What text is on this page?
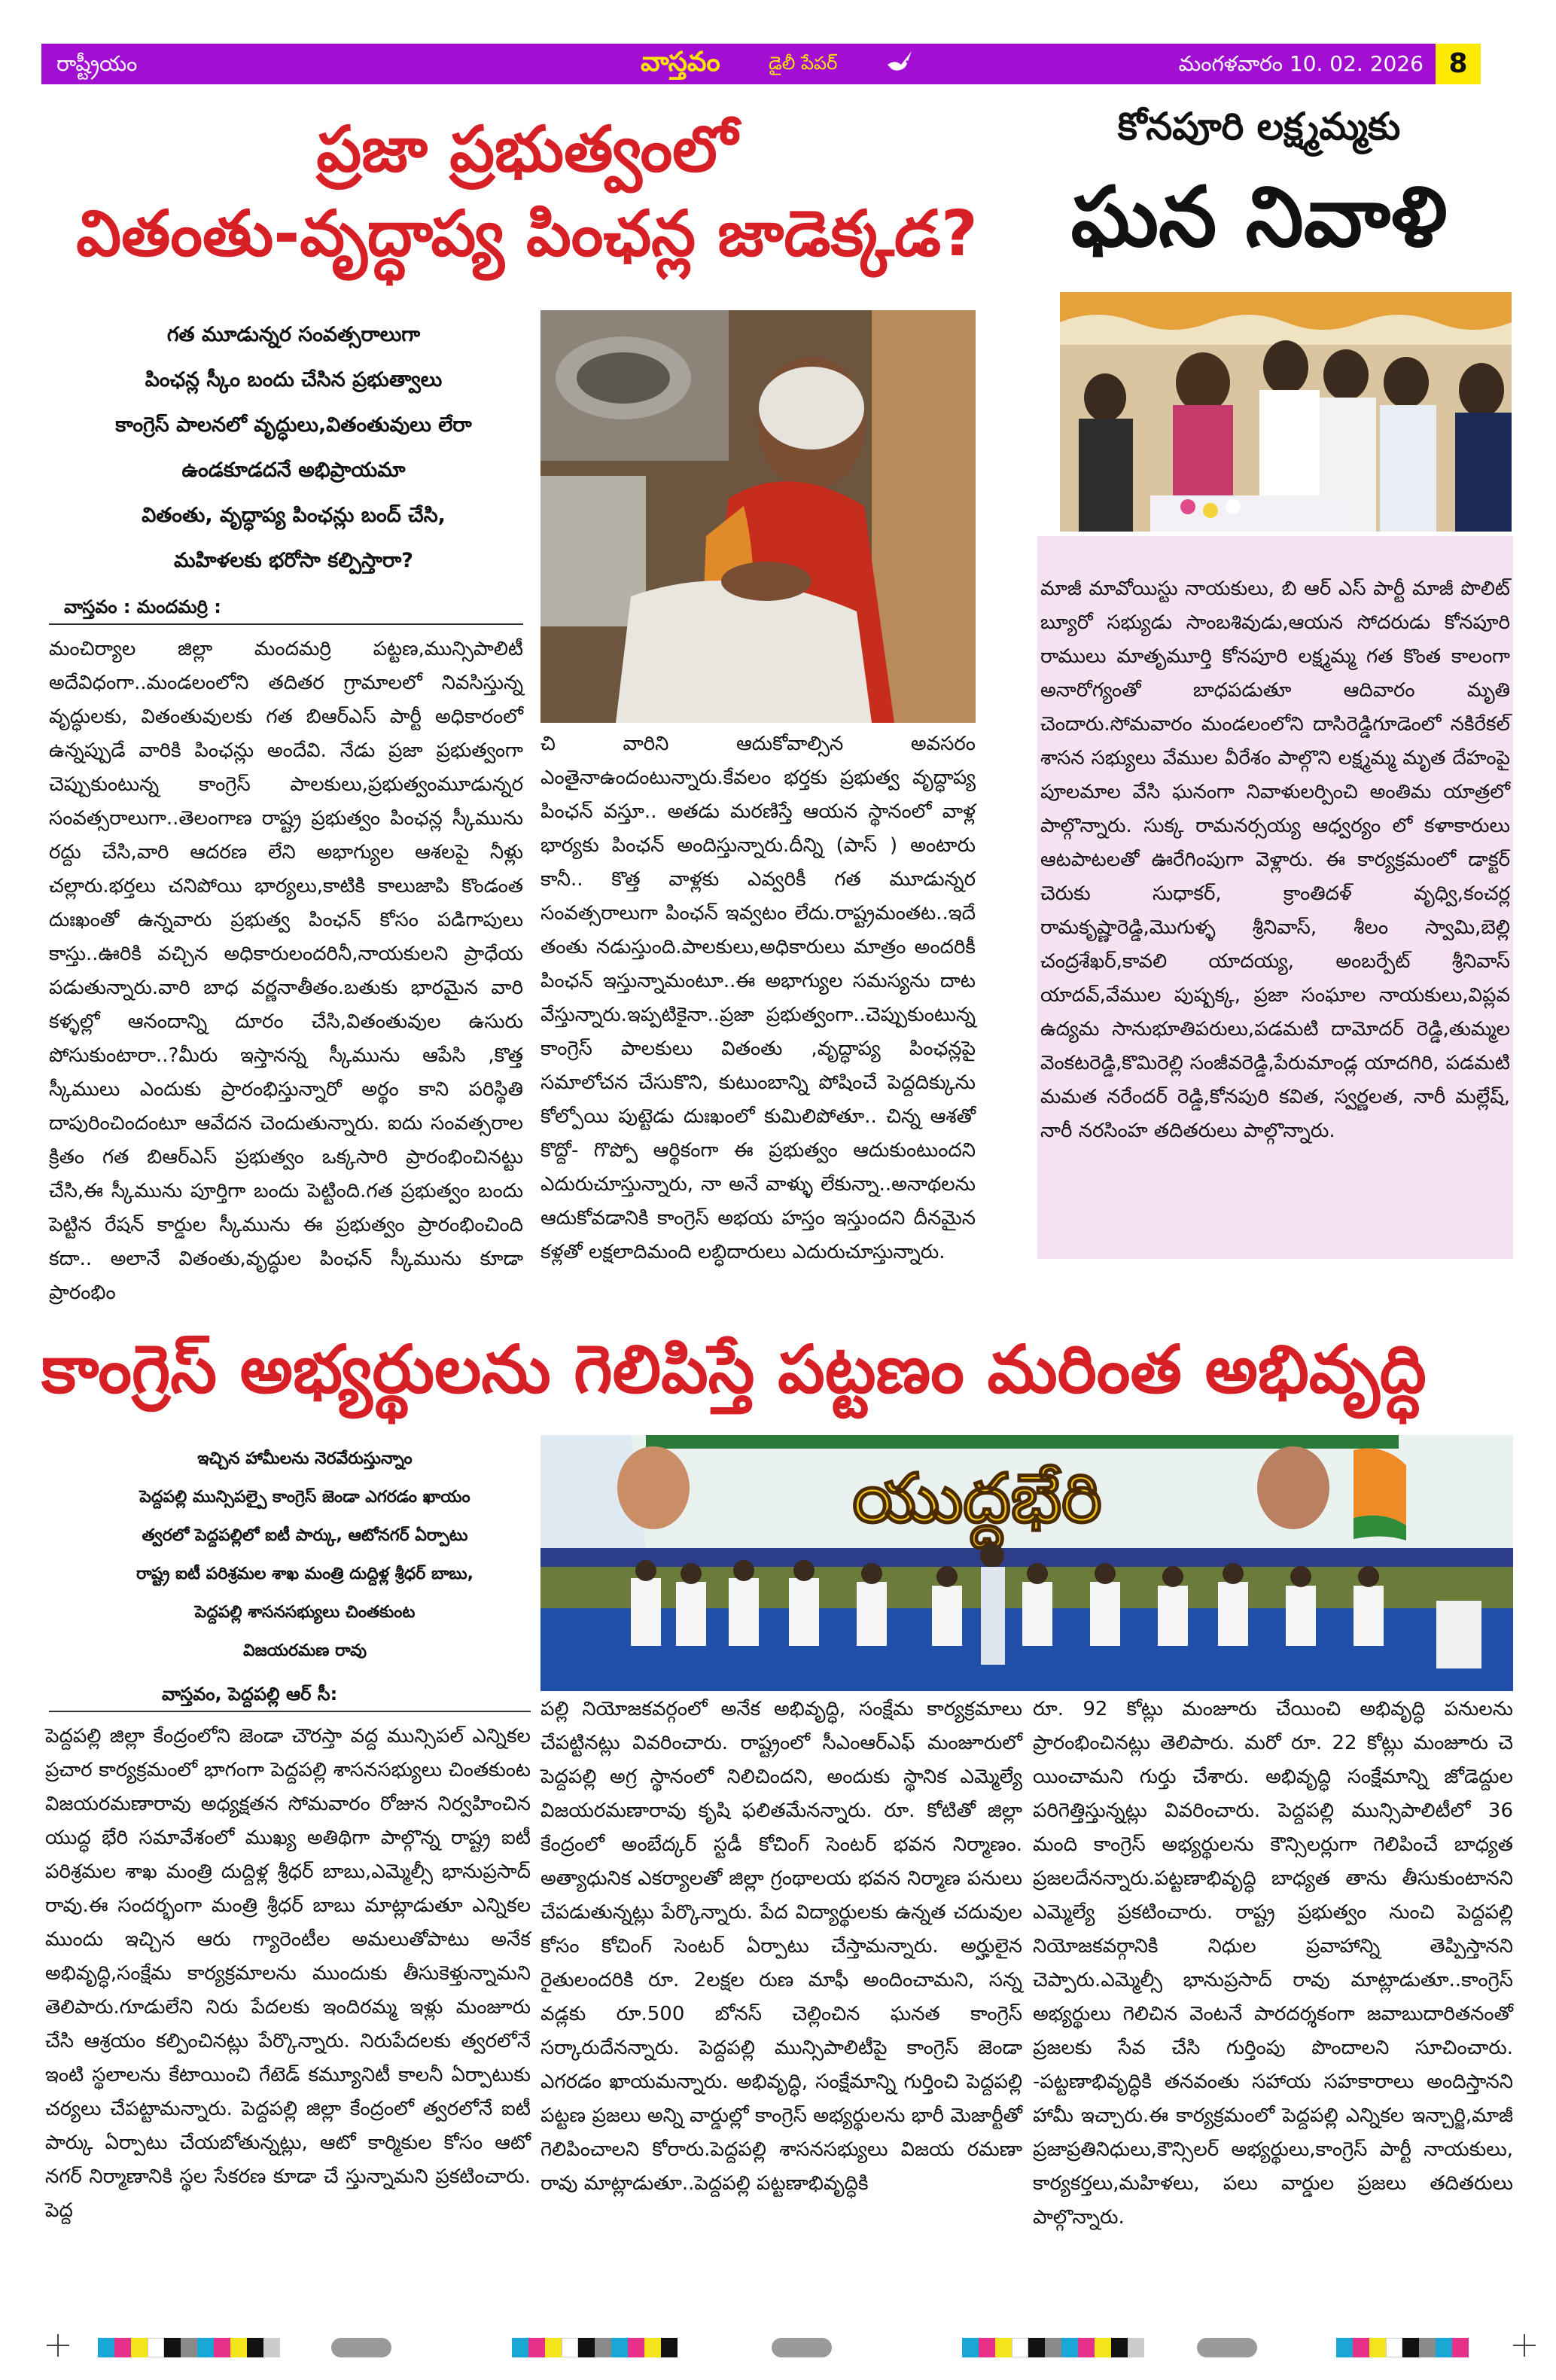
రాష్ట్రీయం	వాస్తవం	డైలీ పేపర్	మంగళవారం 10. 02. 2026 8
ప్రజా ప్రభుత్వంలో
వితంతు-వృద్ధాప్య పింఛన్ల జాడెక్కడ?
గత మూడున్నర సంవత్సరాలుగా
పింఛన్ల స్కీం బందు చేసిన ప్రభుత్వాలు
కాంగ్రెస్ పాలనలో వృద్ధులు,వితంతువులు లేరా
ఉండకూడదనే అభిప్రాయమా
వితంతు, వృద్ధాప్య పింఛన్లు బంద్ చేసి,
మహిళలకు భరోసా కల్పిస్తారా?
వాస్తవం : మందమర్రి :

మంచిర్యాల జిల్లా మందమర్రి పట్టణ,మున్సిపాలిటీ అదేవిధంగా..మండలంలోని తదితర గ్రామాలలో నివసిస్తున్న వృద్ధులకు, వితంతువులకు గత బిఆర్ఎస్ పార్టీ అధికారంలో ఉన్నప్పుడే వారికి పింఛన్లు అందేవి. నేడు ప్రజా ప్రభుత్వంగా చెప్పుకుంటున్న కాంగ్రెస్ పాలకులు,ప్రభుత్వంమూడున్నర సంవత్సరాలుగా..తెలంగాణ రాష్ట్ర ప్రభుత్వం పింఛన్ల స్కీమును రద్దు చేసి,వారి ఆదరణ లేని అభాగ్యుల ఆశలపై నీళ్లు చల్లారు.భర్తలు చనిపోయి భార్యలు,కాటికి కాలుజాపి కొండంత దుఃఖంతో ఉన్నవారు ప్రభుత్వ పింఛన్ కోసం పడిగాపులు కాస్తు..ఊరికి వచ్చిన అధికారులందరినీ,నాయకులని ప్రాధేయ పడుతున్నారు.వారి బాధ వర్ణనాతీతం.బతుకు భారమైన వారి కళ్ళల్లో ఆనందాన్ని దూరం చేసి,వితంతువుల ఉసురు పోసుకుంటారా..?మీరు ఇస్తానన్న స్కీమును ఆపేసి ,కొత్త స్కీములు ఎందుకు ప్రారంభిస్తున్నారో అర్థం కాని పరిస్థితి దాపురించిందంటూ ఆవేదన చెందుతున్నారు. ఐదు సంవత్సరాల క్రితం గత బిఆర్ఎస్ ప్రభుత్వం ఒక్కసారి ప్రారంభించినట్టు చేసి,ఈ స్కీమును పూర్తిగా బందు పెట్టింది.గత ప్రభుత్వం బందు పెట్టిన రేషన్ కార్డుల స్కీమును ఈ ప్రభుత్వం ప్రారంభించింది కదా.. అలానే వితంతు,వృద్ధుల పింఛన్ స్కీమును కూడా ప్రారంభిం

చి వారిని ఆదుకోవాల్సిన అవసరం ఎంతైనాఉందంటున్నారు.కేవలం భర్తకు ప్రభుత్వ వృద్ధాప్య పింఛన్ వస్తూ.. అతడు మరణిస్తే ఆయన స్థానంలో వాళ్ల భార్యకు పింఛన్ అందిస్తున్నారు.దీన్ని (పాస్ ) అంటారు కానీ.. కొత్త వాళ్లకు ఎవ్వరికీ గత మూడున్నర సంవత్సరాలుగా పింఛన్ ఇవ్వటం లేదు.రాష్ట్రమంతట..ఇదే తంతు నడుస్తుంది.పాలకులు,అధికారులు మాత్రం అందరికీ పింఛన్ ఇస్తున్నామంటూ..ఈ అభాగ్యుల సమస్యను దాట వేస్తున్నారు.ఇప్పటికైనా..ప్రజా ప్రభుత్వంగా..చెప్పుకుంటున్న కాంగ్రెస్ పాలకులు వితంతు ,వృద్ధాప్య పింఛన్లపై సమాలోచన చేసుకొని, కుటుంబాన్ని పోషించే పెద్దదిక్కును కోల్పోయి పుట్టెడు దుఃఖంలో కుమిలిపోతూ.. చిన్న ఆశతో కొద్దో- గొప్పో ఆర్థికంగా ఈ ప్రభుత్వం ఆదుకుంటుందని ఎదురుచూస్తున్నారు, నా అనే వాళ్ళు లేకున్నా..అనాథలను ఆదుకోవడానికి కాంగ్రెస్ అభయ హస్తం ఇస్తుందని దీనమైన కళ్లతో లక్షలాదిమంది లబ్ధిదారులు ఎదురుచూస్తున్నారు.

కోనపూరి లక్ష్మమ్మకు
ఘన నివాళి

మాజీ మావోయిస్టు నాయకులు, బి ఆర్ ఎస్ పార్టీ మాజీ పొలిట్ బ్యూరో సభ్యుడు సాంబశివుడు,ఆయన సోదరుడు కోనపూరి రాములు మాతృమూర్తి కోనపూరి లక్ష్మమ్మ గత కొంత కాలంగా అనారోగ్యంతో బాధపడుతూ ఆదివారం మృతి చెందారు.సోమవారం మండలంలోని దాసిరెడ్డిగూడెంలో నకిరేకల్ శాసన సభ్యులు వేముల వీరేశం పాల్గొని లక్ష్మమ్మ మృత దేహంపై పూలమాల వేసి ఘనంగా నివాళులర్పించి అంతిమ యాత్రలో పాల్గొన్నారు. సుక్క రామనర్సయ్య ఆధ్వర్యం లో కళాకారులు ఆటపాటలతో ఊరేగింపుగా వెళ్లారు. ఈ కార్యక్రమంలో డాక్టర్ చెరుకు సుధాకర్, క్రాంతిదళ్ వృధ్వి,కంచర్ల రామకృష్ణారెడ్డి,మొగుళ్ళ శ్రీనివాస్, శీలం స్వామి,బెల్లి చంద్రశేఖర్,కావలి యాదయ్య, అంబర్పేట్ శ్రీనివాస్ యాదవ్,వేముల పుష్పక్క, ప్రజా సంఘాల నాయకులు,విప్లవ ఉద్యమ సానుభూతిపరులు,పడమటి దామోదర్ రెడ్డి,తుమ్మల వెంకటరెడ్డి,కొమిరెల్లి సంజీవరెడ్డి,పేరుమాండ్ల యాదగిరి, పడమటి మమత నరేందర్ రెడ్డి,కోనపురి కవిత, స్వర్ణలత, నారీ మల్లేష్, నారీ నరసింహ తదితరులు పాల్గొన్నారు.

కాంగ్రెస్ అభ్యర్థులను గెలిపిస్తే పట్టణం మరింత అభివృద్ధి
ఇచ్చిన హామీలను నెరవేరుస్తున్నాం
పెద్దపల్లి మున్సిపల్పై కాంగ్రెస్ జెండా ఎగరడం ఖాయం
త్వరలో పెద్దపల్లిలో ఐటీ పార్కు, ఆటోనగర్ ఏర్పాటు
రాష్ట్ర ఐటీ పరిశ్రమల శాఖ మంత్రి దుద్దిళ్ల శ్రీధర్ బాబు,
పెద్దపల్లి శాసనసభ్యులు చింతకుంట
విజయరమణ రావు
వాస్తవం, పెద్దపల్లి ఆర్ సీ:
యుద్ధభేరి

పెద్దపల్లి జిల్లా కేంద్రంలోని జెండా చౌరస్తా వద్ద మున్సిపల్ ఎన్నికల ప్రచార కార్యక్రమంలో భాగంగా పెద్దపల్లి శాసనసభ్యులు చింతకుంట విజయరమణారావు అధ్యక్షతన సోమవారం రోజున నిర్వహించిన యుద్ధ భేరి సమావేశంలో ముఖ్య అతిథిగా పాల్గొన్న రాష్ట్ర ఐటీ పరిశ్రమల శాఖ మంత్రి దుద్దిళ్ల శ్రీధర్ బాబు,ఎమ్మెల్సీ భానుప్రసాద్ రావు.ఈ సందర్భంగా మంత్రి శ్రీధర్ బాబు మాట్లాడుతూ ఎన్నికల ముందు ఇచ్చిన ఆరు గ్యారెంటీల అమలుతోపాటు అనేక అభివృద్ధి,సంక్షేమ కార్యక్రమాలను ముందుకు తీసుకెళ్తున్నామని తెలిపారు.గూడులేని నిరు పేదలకు ఇందిరమ్మ ఇళ్లు మంజూరు చేసి ఆశ్రయం కల్పించినట్లు పేర్కొన్నారు. నిరుపేదలకు త్వరలోనే ఇంటి స్థలాలను కేటాయించి గేటెడ్ కమ్యూనిటీ కాలనీ ఏర్పాటుకు చర్యలు చేపట్టామన్నారు. పెద్దపల్లి జిల్లా కేంద్రంలో త్వరలోనే ఐటీ పార్కు ఏర్పాటు చేయబోతున్నట్లు, ఆటో కార్మికుల కోసం ఆటో నగర్ నిర్మాణానికి స్థల సేకరణ కూడా చే స్తున్నామని ప్రకటించారు. పెద్ద

పల్లి నియోజకవర్గంలో అనేక అభివృద్ధి, సంక్షేమ కార్యక్రమాలు చేపట్టినట్లు వివరించారు. రాష్ట్రంలో సీఎంఆర్ఎఫ్ మంజూరులో పెద్దపల్లి అగ్ర స్థానంలో నిలిచిందని, అందుకు స్థానిక ఎమ్మెల్యే విజయరమణారావు కృషి ఫలితమేనన్నారు. రూ. కోటితో జిల్లా కేంద్రంలో అంబేద్కర్ స్టడీ కోచింగ్ సెంటర్ భవన నిర్మాణం. అత్యాధునిక ఎకర్యాలతో జిల్లా గ్రంథాలయ భవన నిర్మాణ పనులు చేపడుతున్నట్లు పేర్కొన్నారు. పేద విద్యార్థులకు ఉన్నత చదువుల కోసం కోచింగ్ సెంటర్ ఏర్పాటు చేస్తామన్నారు. అర్హులైన రైతులందరికి రూ. 2లక్షల రుణ మాఫీ అందించామని, సన్న వడ్లకు రూ.500 బోనస్ చెల్లించిన ఘనత కాంగ్రెస్ సర్కారుదేనన్నారు. పెద్దపల్లి మున్సిపాలిటీపై కాంగ్రెస్ జెండా ఎగరడం ఖాయమన్నారు. అభివృద్ధి, సంక్షేమాన్ని గుర్తించి పెద్దపల్లి పట్టణ ప్రజలు అన్ని వార్డుల్లో కాంగ్రెస్ అభ్యర్థులను భారీ మెజార్టీతో గెలిపించాలని కోరారు.పెద్దపల్లి శాసనసభ్యులు విజయ రమణా రావు మాట్లాడుతూ..పెద్దపల్లి పట్టణాభివృద్ధికి

రూ. 92 కోట్లు మంజూరు చేయించి అభివృద్ధి పనులను ప్రారంభించినట్లు తెలిపారు. మరో రూ. 22 కోట్లు మంజూరు చె యించామని గుర్తు చేశారు. అభివృద్ధి సంక్షేమాన్ని జోడెద్దుల పరిగెత్తిస్తున్నట్లు వివరించారు. పెద్దపల్లి మున్సిపాలిటీలో 36 మంది కాంగ్రెస్ అభ్యర్థులను కౌన్సిలర్లుగా గెలిపించే బాధ్యత ప్రజలదేనన్నారు.పట్టణాభివృద్ధి బాధ్యత తాను తీసుకుంటానని ఎమ్మెల్యే ప్రకటించారు. రాష్ట్ర ప్రభుత్వం నుంచి పెద్దపల్లి నియోజకవర్గానికి నిధుల ప్రవాహాన్ని తెప్పిస్తానని చెప్పారు.ఎమ్మెల్సీ భానుప్రసాద్ రావు మాట్లాడుతూ..కాంగ్రెస్ అభ్యర్థులు గెలిచిన వెంటనే పారదర్శకంగా జవాబుదారితనంతో ప్రజలకు సేవ చేసి గుర్తింపు పొందాలని సూచించారు. -పట్టణాభివృద్ధికి తనవంతు సహాయ సహకారాలు అందిస్తానని హామీ ఇచ్చారు.ఈ కార్యక్రమంలో పెద్దపల్లి ఎన్నికల ఇన్చార్జి,మాజీ ప్రజాప్రతినిధులు,కౌన్సిలర్ అభ్యర్థులు,కాంగ్రెస్ పార్టీ నాయకులు, కార్యకర్తలు,మహిళలు, పలు వార్డుల ప్రజలు తదితరులు పాల్గొన్నారు.
